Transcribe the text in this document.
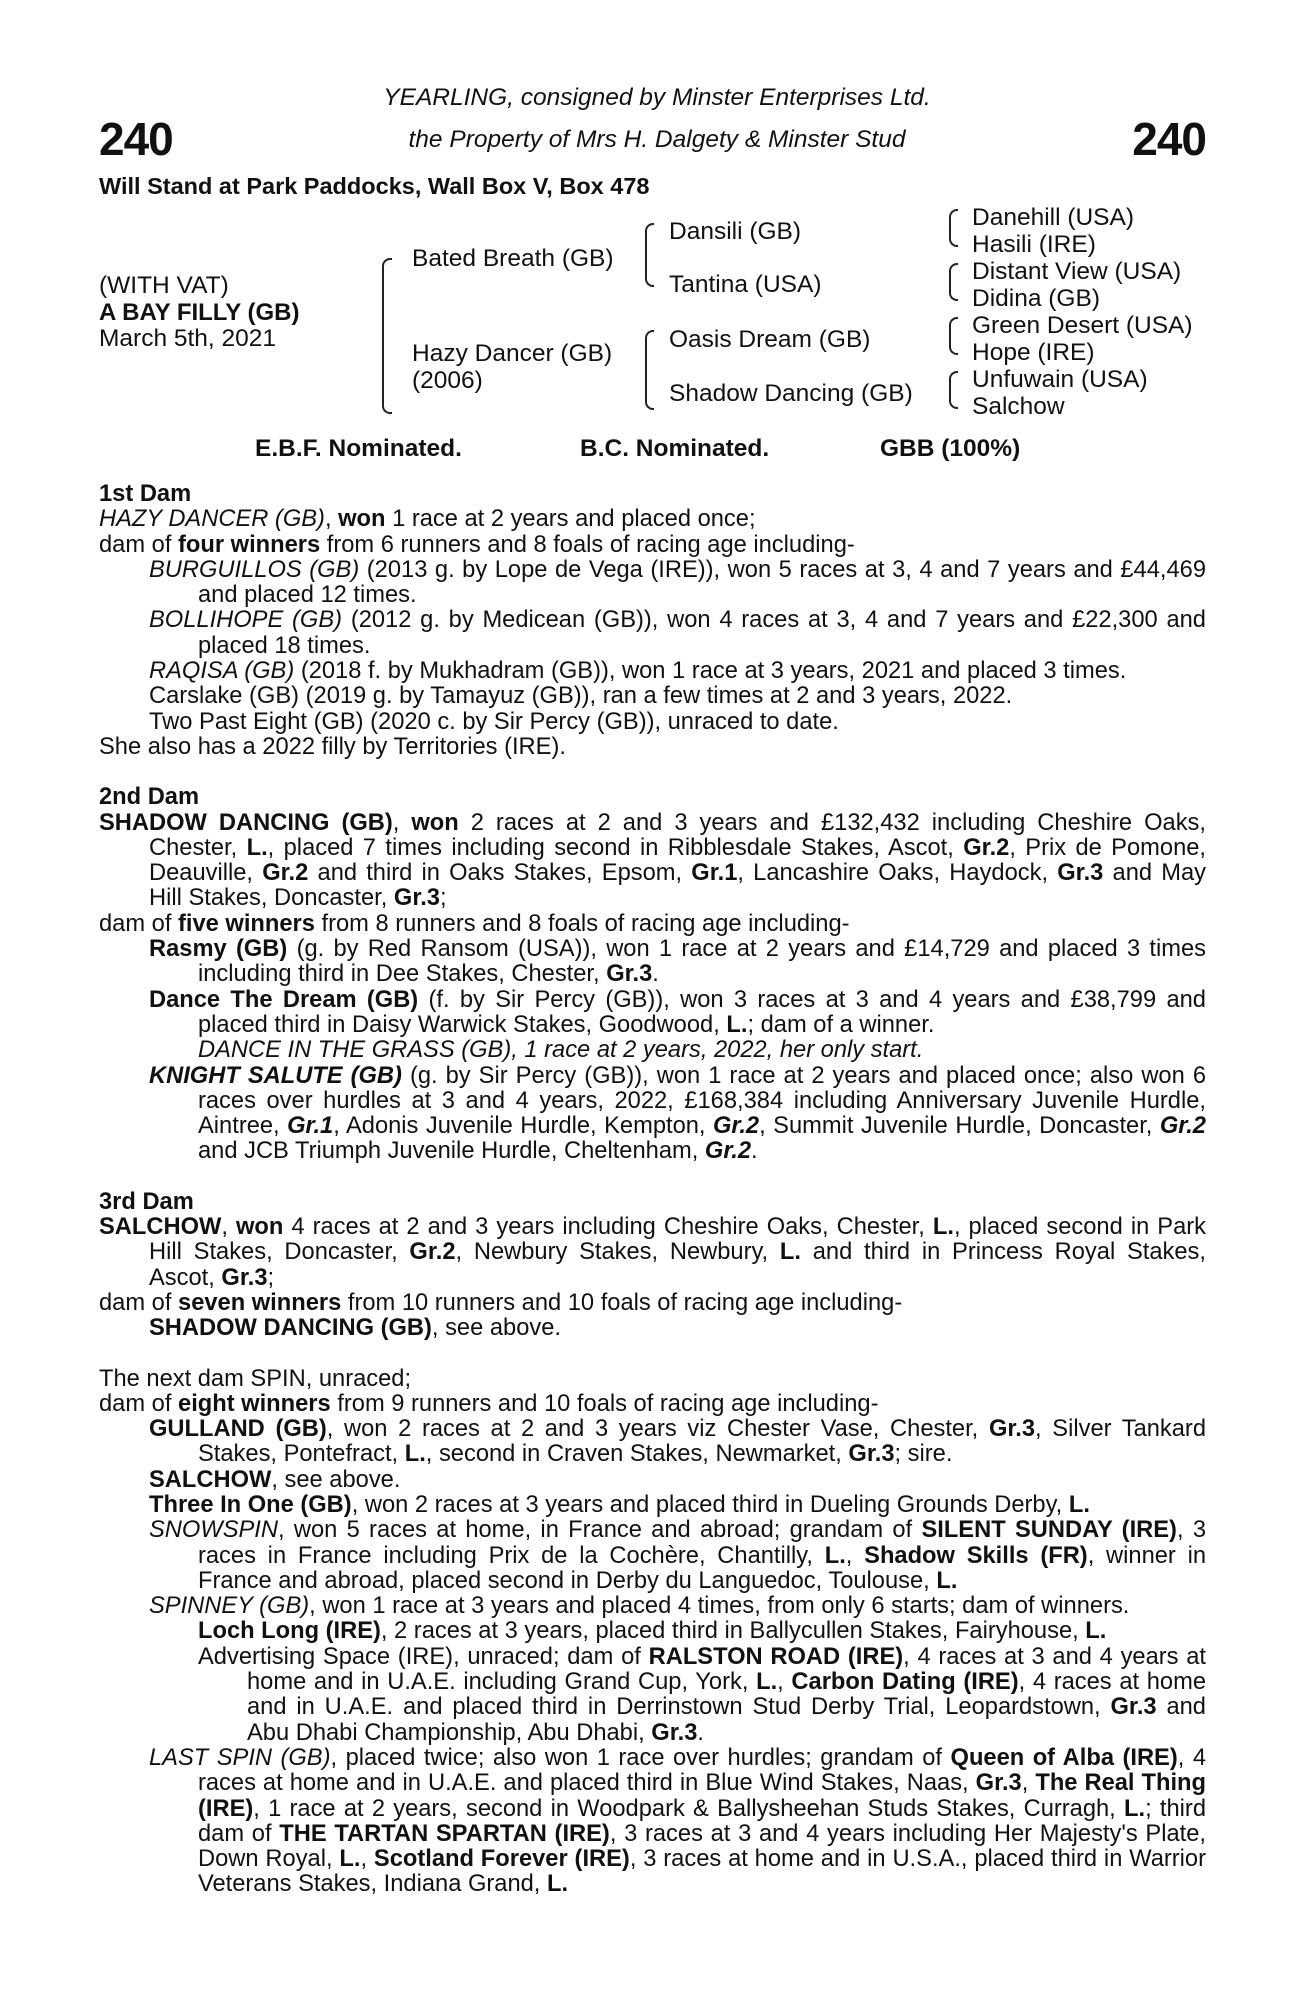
240	240
YEARLING, consigned by Minster Enterprises Ltd.
the Property of Mrs H. Dalgety & Minster Stud
Will Stand at Park Paddocks, Wall Box V, Box 478
(WITH VAT)
A BAY FILLY (GB)
March 5th, 2021
Bated Breath (GB)
Hazy Dancer (GB)
(2006)
Dansili (GB)
Tantina (USA)
Oasis Dream (GB)
Shadow Dancing (GB)
Danehill (USA)
Hasili (IRE)
Distant View (USA)
Didina (GB)
Green Desert (USA)
Hope (IRE)
Unfuwain (USA)
Salchow
E.B.F. Nominated.	B.C. Nominated.	GBB (100%)

1st Dam

HAZY DANCER (GB), won 1 race at 2 years and placed once;

dam of four winners from 6 runners and 8 foals of racing age including-

BURGUILLOS (GB) (2013 g. by Lope de Vega (IRE)), won 5 races at 3, 4 and 7 years and £44,469 and placed 12 times.

BOLLIHOPE (GB) (2012 g. by Medicean (GB)), won 4 races at 3, 4 and 7 years and £22,300 and placed 18 times.

RAQISA (GB) (2018 f. by Mukhadram (GB)), won 1 race at 3 years, 2021 and placed 3 times.

Carslake (GB) (2019 g. by Tamayuz (GB)), ran a few times at 2 and 3 years, 2022.

Two Past Eight (GB) (2020 c. by Sir Percy (GB)), unraced to date.

She also has a 2022 filly by Territories (IRE).

2nd Dam

SHADOW DANCING (GB), won 2 races at 2 and 3 years and £132,432 including Cheshire Oaks, Chester, L., placed 7 times including second in Ribblesdale Stakes, Ascot, Gr.2, Prix de Pomone, Deauville, Gr.2 and third in Oaks Stakes, Epsom, Gr.1, Lancashire Oaks, Haydock, Gr.3 and May Hill Stakes, Doncaster, Gr.3;

dam of five winners from 8 runners and 8 foals of racing age including-

Rasmy (GB) (g. by Red Ransom (USA)), won 1 race at 2 years and £14,729 and placed 3 times including third in Dee Stakes, Chester, Gr.3.

Dance The Dream (GB) (f. by Sir Percy (GB)), won 3 races at 3 and 4 years and £38,799 and placed third in Daisy Warwick Stakes, Goodwood, L.; dam of a winner.

DANCE IN THE GRASS (GB), 1 race at 2 years, 2022, her only start.

KNIGHT SALUTE (GB) (g. by Sir Percy (GB)), won 1 race at 2 years and placed once; also won 6 races over hurdles at 3 and 4 years, 2022, £168,384 including Anniversary Juvenile Hurdle, Aintree, Gr.1, Adonis Juvenile Hurdle, Kempton, Gr.2, Summit Juvenile Hurdle, Doncaster, Gr.2 and JCB Triumph Juvenile Hurdle, Cheltenham, Gr.2.

3rd Dam

SALCHOW, won 4 races at 2 and 3 years including Cheshire Oaks, Chester, L., placed second in Park Hill Stakes, Doncaster, Gr.2, Newbury Stakes, Newbury, L. and third in Princess Royal Stakes, Ascot, Gr.3;

dam of seven winners from 10 runners and 10 foals of racing age including-

SHADOW DANCING (GB), see above.

The next dam SPIN, unraced;

dam of eight winners from 9 runners and 10 foals of racing age including-

GULLAND (GB), won 2 races at 2 and 3 years viz Chester Vase, Chester, Gr.3, Silver Tankard Stakes, Pontefract, L., second in Craven Stakes, Newmarket, Gr.3; sire.

SALCHOW, see above.

Three In One (GB), won 2 races at 3 years and placed third in Dueling Grounds Derby, L.

SNOWSPIN, won 5 races at home, in France and abroad; grandam of SILENT SUNDAY (IRE), 3 races in France including Prix de la Cochère, Chantilly, L., Shadow Skills (FR), winner in France and abroad, placed second in Derby du Languedoc, Toulouse, L.

SPINNEY (GB), won 1 race at 3 years and placed 4 times, from only 6 starts; dam of winners.

Loch Long (IRE), 2 races at 3 years, placed third in Ballycullen Stakes, Fairyhouse, L.

Advertising Space (IRE), unraced; dam of RALSTON ROAD (IRE), 4 races at 3 and 4 years at home and in U.A.E. including Grand Cup, York, L., Carbon Dating (IRE), 4 races at home and in U.A.E. and placed third in Derrinstown Stud Derby Trial, Leopardstown, Gr.3 and Abu Dhabi Championship, Abu Dhabi, Gr.3.

LAST SPIN (GB), placed twice; also won 1 race over hurdles; grandam of Queen of Alba (IRE), 4 races at home and in U.A.E. and placed third in Blue Wind Stakes, Naas, Gr.3, The Real Thing (IRE), 1 race at 2 years, second in Woodpark & Ballysheehan Studs Stakes, Curragh, L.; third dam of THE TARTAN SPARTAN (IRE), 3 races at 3 and 4 years including Her Majesty's Plate, Down Royal, L., Scotland Forever (IRE), 3 races at home and in U.S.A., placed third in Warrior Veterans Stakes, Indiana Grand, L.
